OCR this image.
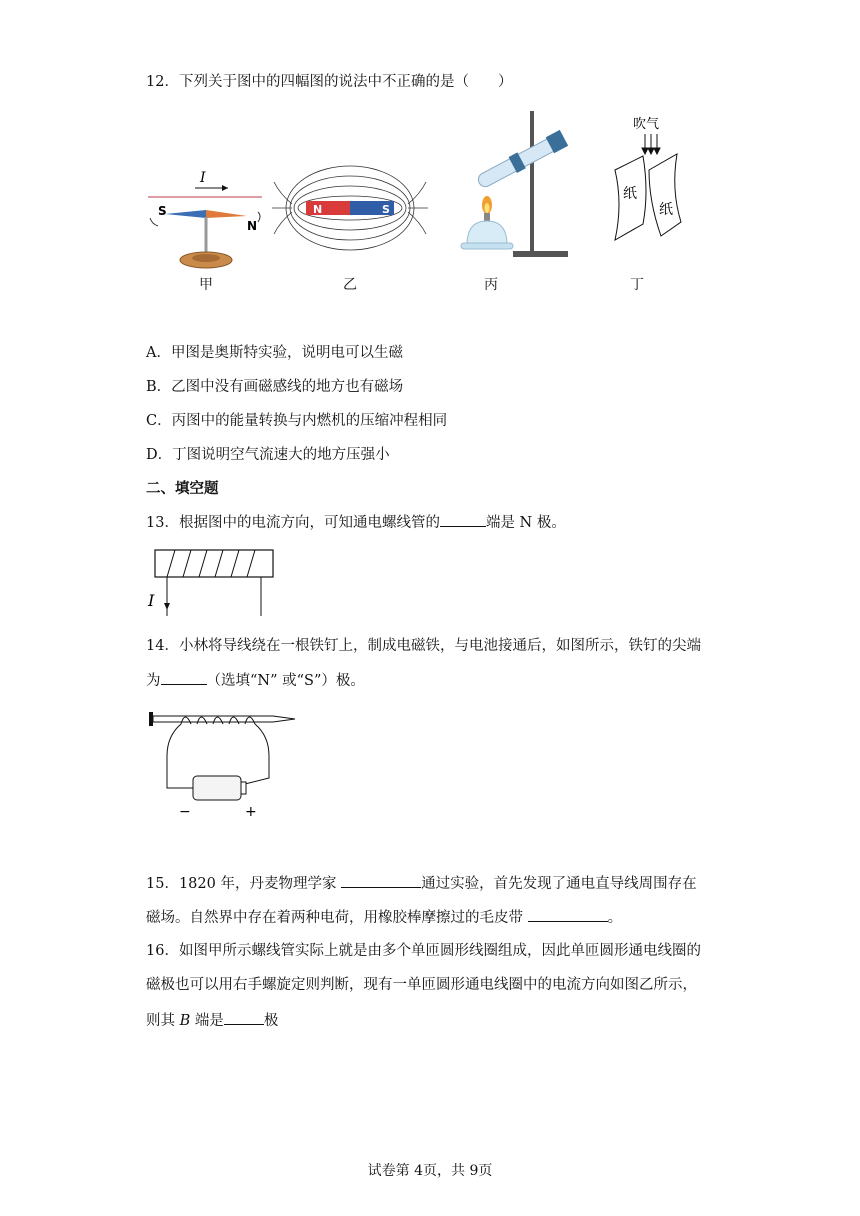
12．下列关于图中的四幅图的说法中不正确的是（　　）
I
S
N
甲
N	S
乙	丙
吹气
纸
纸
丁
A．甲图是奥斯特实验，说明电可以生磁
B．乙图中没有画磁感线的地方也有磁场
C．丙图中的能量转换与内燃机的压缩冲程相同
D．丁图说明空气流速大的地方压强小
二、填空题
13．根据图中的电流方向，可知通电螺线管的	端是 N 极。
I
14．小林将导线绕在一根铁钉上，制成电磁铁，与电池接通后，如图所示，铁钉的尖端
为	（选填“N” 或“S”）极。
−	+
15．1820 年，丹麦物理学家	通过实验，首先发现了通电直导线周围存在
磁场。自然界中存在着两种电荷，用橡胶棒摩擦过的毛皮带	。
16．如图甲所示螺线管实际上就是由多个单匝圆形线圈组成，因此单匝圆形通电线圈的
磁极也可以用右手螺旋定则判断，现有一单匝圆形通电线圈中的电流方向如图乙所示，
则其 B 端是	极
试卷第 4页，共 9页
